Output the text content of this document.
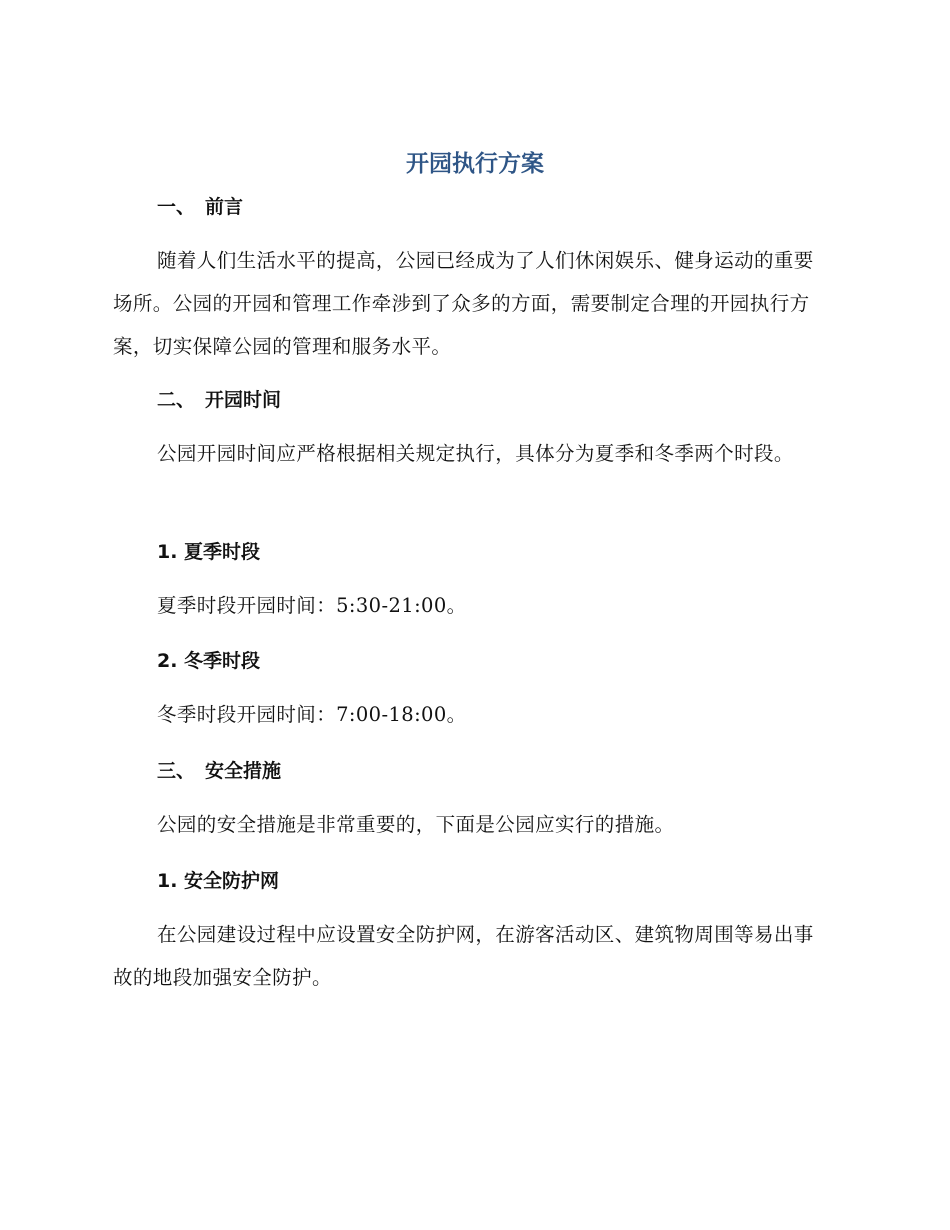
开园执行方案
一、 前言

随着人们生活水平的提高，公园已经成为了人们休闲娱乐、健身运动的重要场所。公园的开园和管理工作牵涉到了众多的方面，需要制定合理的开园执行方案，切实保障公园的管理和服务水平。

二、 开园时间

公园开园时间应严格根据相关规定执行，具体分为夏季和冬季两个时段。

1. 夏季时段

夏季时段开园时间：5:30-21:00。

2. 冬季时段

冬季时段开园时间：7:00-18:00。

三、 安全措施

公园的安全措施是非常重要的，下面是公园应实行的措施。

1. 安全防护网

在公园建设过程中应设置安全防护网，在游客活动区、建筑物周围等易出事故的地段加强安全防护。
